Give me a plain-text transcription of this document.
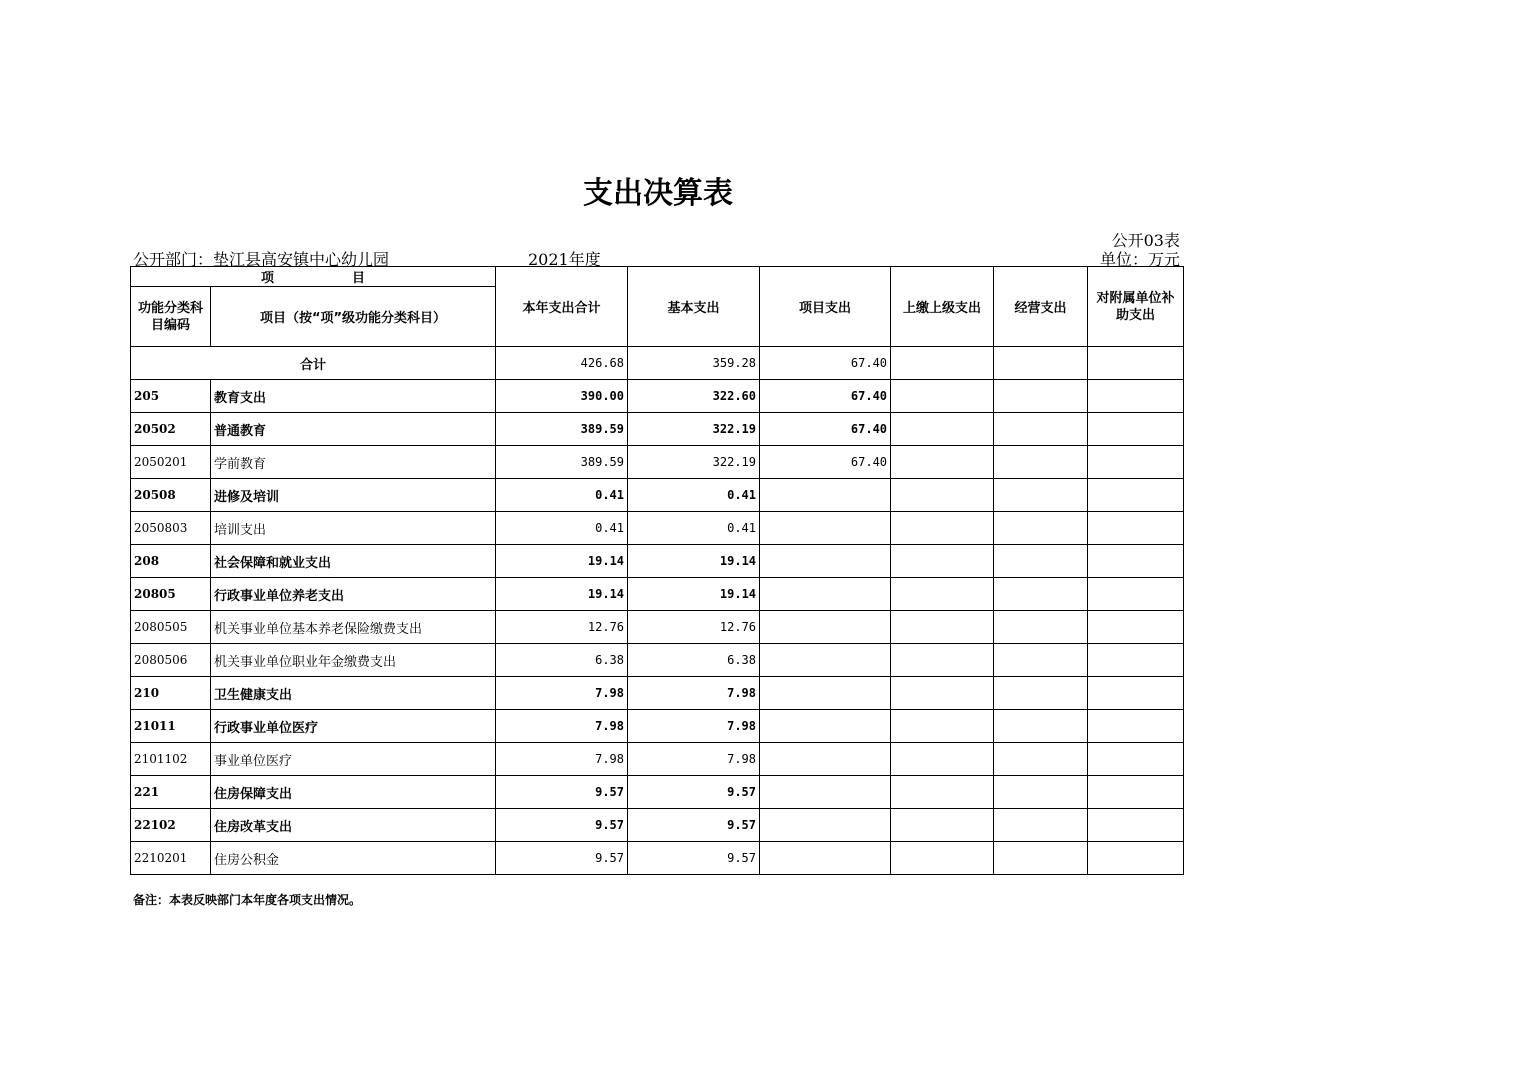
支出决算表
公开03表
公开部门：垫江县高安镇中心幼儿园	2021年度	单位：万元
项　　　　　　目		本年支出合计	基本支出	项目支出	上缴上级支出	经营支出	对附属单位补助支出
功能分类科目编码	项目（按“项”级功能分类科目）						
合计		426.68	359.28	67.40			
205	教育支出	390.00	322.60	67.40			
20502	普通教育	389.59	322.19	67.40			
2050201	学前教育	389.59	322.19	67.40			
20508	进修及培训	0.41	0.41				
2050803	培训支出	0.41	0.41				
208	社会保障和就业支出	19.14	19.14				
20805	行政事业单位养老支出	19.14	19.14				
2080505	机关事业单位基本养老保险缴费支出	12.76	12.76				
2080506	机关事业单位职业年金缴费支出	6.38	6.38				
210	卫生健康支出	7.98	7.98				
21011	行政事业单位医疗	7.98	7.98				
2101102	事业单位医疗	7.98	7.98				
221	住房保障支出	9.57	9.57				
22102	住房改革支出	9.57	9.57				
2210201	住房公积金	9.57	9.57				
备注：本表反映部门本年度各项支出情况。
